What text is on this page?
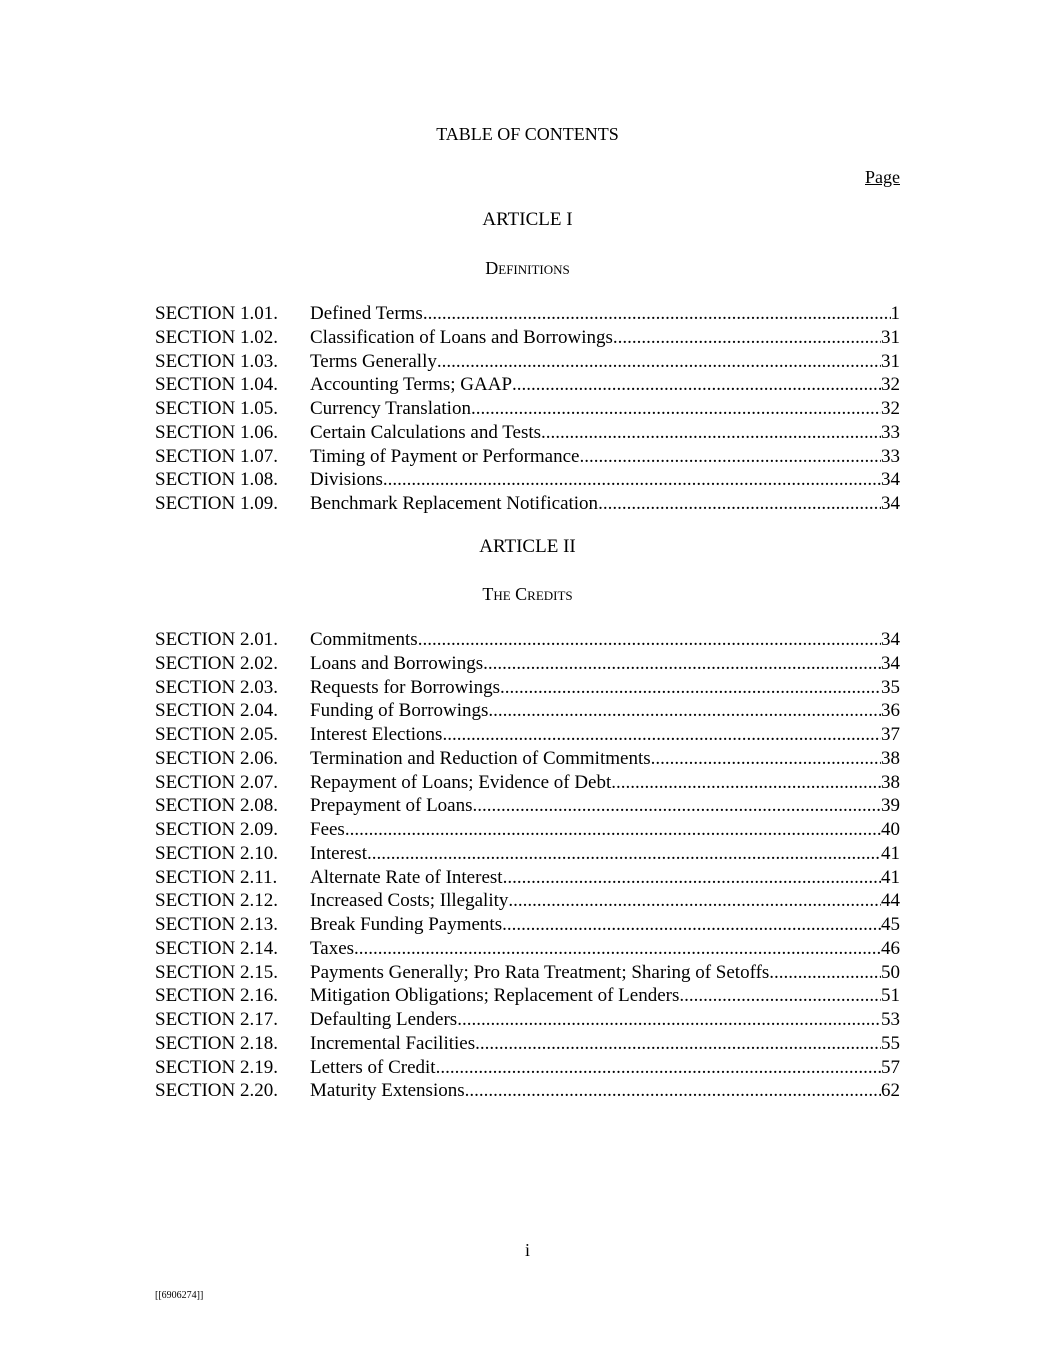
TABLE OF CONTENTS
Page
ARTICLE I
Definitions
SECTION 1.01.	Defined Terms .....	1
SECTION 1.02.	Classification of Loans and Borrowings .....	31
SECTION 1.03.	Terms Generally .....	31
SECTION 1.04.	Accounting Terms; GAAP .....	32
SECTION 1.05.	Currency Translation .....	32
SECTION 1.06.	Certain Calculations and Tests. .....	33
SECTION 1.07.	Timing of Payment or Performance .....	33
SECTION 1.08.	Divisions .....	34
SECTION 1.09.	Benchmark Replacement Notification .....	34
ARTICLE II
The Credits
SECTION 2.01.	Commitments .....	34
SECTION 2.02.	Loans and Borrowings .....	34
SECTION 2.03.	Requests for Borrowings .....	35
SECTION 2.04.	Funding of Borrowings .....	36
SECTION 2.05.	Interest Elections .....	37
SECTION 2.06.	Termination and Reduction of Commitments .....	38
SECTION 2.07.	Repayment of Loans; Evidence of Debt .....	38
SECTION 2.08.	Prepayment of Loans .....	39
SECTION 2.09.	Fees .....	40
SECTION 2.10.	Interest .....	41
SECTION 2.11.	Alternate Rate of Interest .....	41
SECTION 2.12.	Increased Costs; Illegality .....	44
SECTION 2.13.	Break Funding Payments .....	45
SECTION 2.14.	Taxes .....	46
SECTION 2.15.	Payments Generally; Pro Rata Treatment; Sharing of Setoffs .....	50
SECTION 2.16.	Mitigation Obligations; Replacement of Lenders .....	51
SECTION 2.17.	Defaulting Lenders .....	53
SECTION 2.18.	Incremental Facilities .....	55
SECTION 2.19.	Letters of Credit .....	57
SECTION 2.20.	Maturity Extensions. .....	62
i
[[6906274]]
